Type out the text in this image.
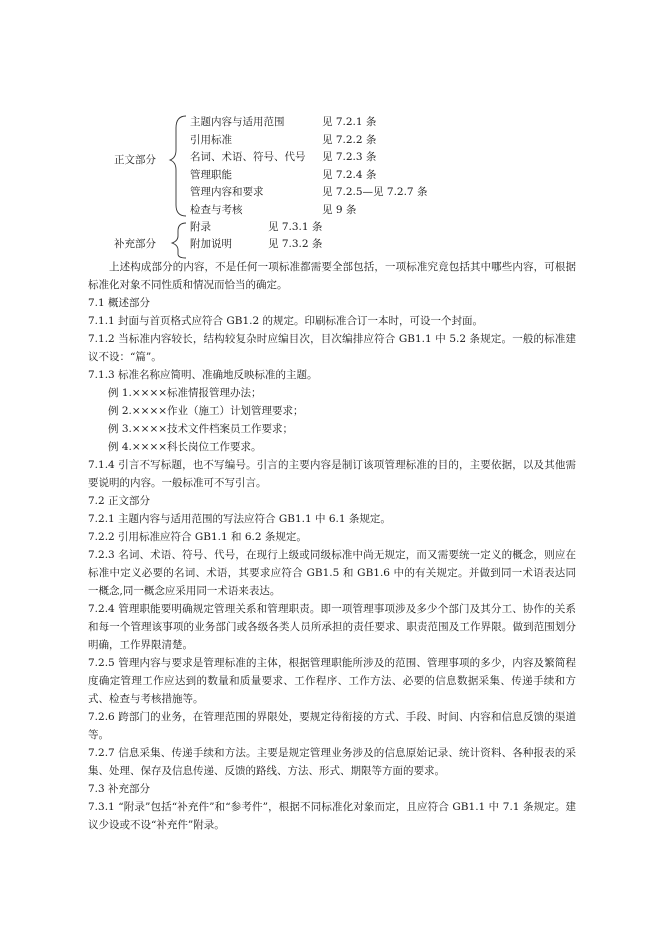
正文部分
主题内容与适用范围	见 7.2.1 条
引用标准	见 7.2.2 条
名词、术语、符号、代号 见 7.2.3 条
管理职能	见 7.2.4 条
管理内容和要求	见 7.2.5—见 7.2.7 条
检查与考核	见 9 条
补充部分
附录	见 7.3.1 条
附加说明	见 7.3.2 条

上述构成部分的内容，不是任何一项标准都需要全部包括，一项标准究竟包括其中哪些内容，可根据标准化对象不同性质和情况而恰当的确定。

7.1 概述部分

7.1.1 封面与首页格式应符合 GB1.2 的规定。印刷标准合订一本时，可设一个封面。

7.1.2 当标准内容较长，结构较复杂时应编目次，目次编排应符合 GB1.1 中 5.2 条规定。一般的标准建议不设：“篇”。

7.1.3 标准名称应简明、准确地反映标准的主题。

例 1.××××标准情报管理办法；

例 2.××××作业（施工）计划管理要求；

例 3.××××技术文件档案员工作要求；

例 4.××××科长岗位工作要求。

7.1.4 引言不写标题，也不写编号。引言的主要内容是制订该项管理标准的目的，主要依据，以及其他需要说明的内容。一般标准可不写引言。

7.2 正文部分

7.2.1 主题内容与适用范围的写法应符合 GB1.1 中 6.1 条规定。

7.2.2 引用标准应符合 GB1.1 和 6.2 条规定。

7.2.3 名词、术语、符号、代号，在现行上级或同级标准中尚无规定，而又需要统一定义的概念，则应在标准中定义必要的名词、术语，其要求应符合 GB1.5 和 GB1.6 中的有关规定。并做到同一术语表达同一概念,同一概念应采用同一术语来表达。

7.2.4 管理职能要明确规定管理关系和管理职责。即一项管理事项涉及多少个部门及其分工、协作的关系和每一个管理该事项的业务部门或各级各类人员所承担的责任要求、职责范围及工作界限。做到范围划分明确，工作界限清楚。

7.2.5 管理内容与要求是管理标准的主体，根据管理职能所涉及的范围、管理事项的多少，内容及繁简程度确定管理工作应达到的数量和质量要求、工作程序、工作方法、必要的信息数据采集、传递手续和方式、检查与考核措施等。

7.2.6 跨部门的业务，在管理范围的界限处，要规定待衔接的方式、手段、时间、内容和信息反馈的渠道等。

7.2.7 信息采集、传递手续和方法。主要是规定管理业务涉及的信息原始记录、统计资料、各种报表的采集、处理、保存及信息传递、反馈的路线、方法、形式、期限等方面的要求。

7.3 补充部分

7.3.1 “附录”包括“补充件”和“参考件”，根据不同标准化对象而定，且应符合 GB1.1 中 7.1 条规定。建议少设或不设“补充件”附录。
